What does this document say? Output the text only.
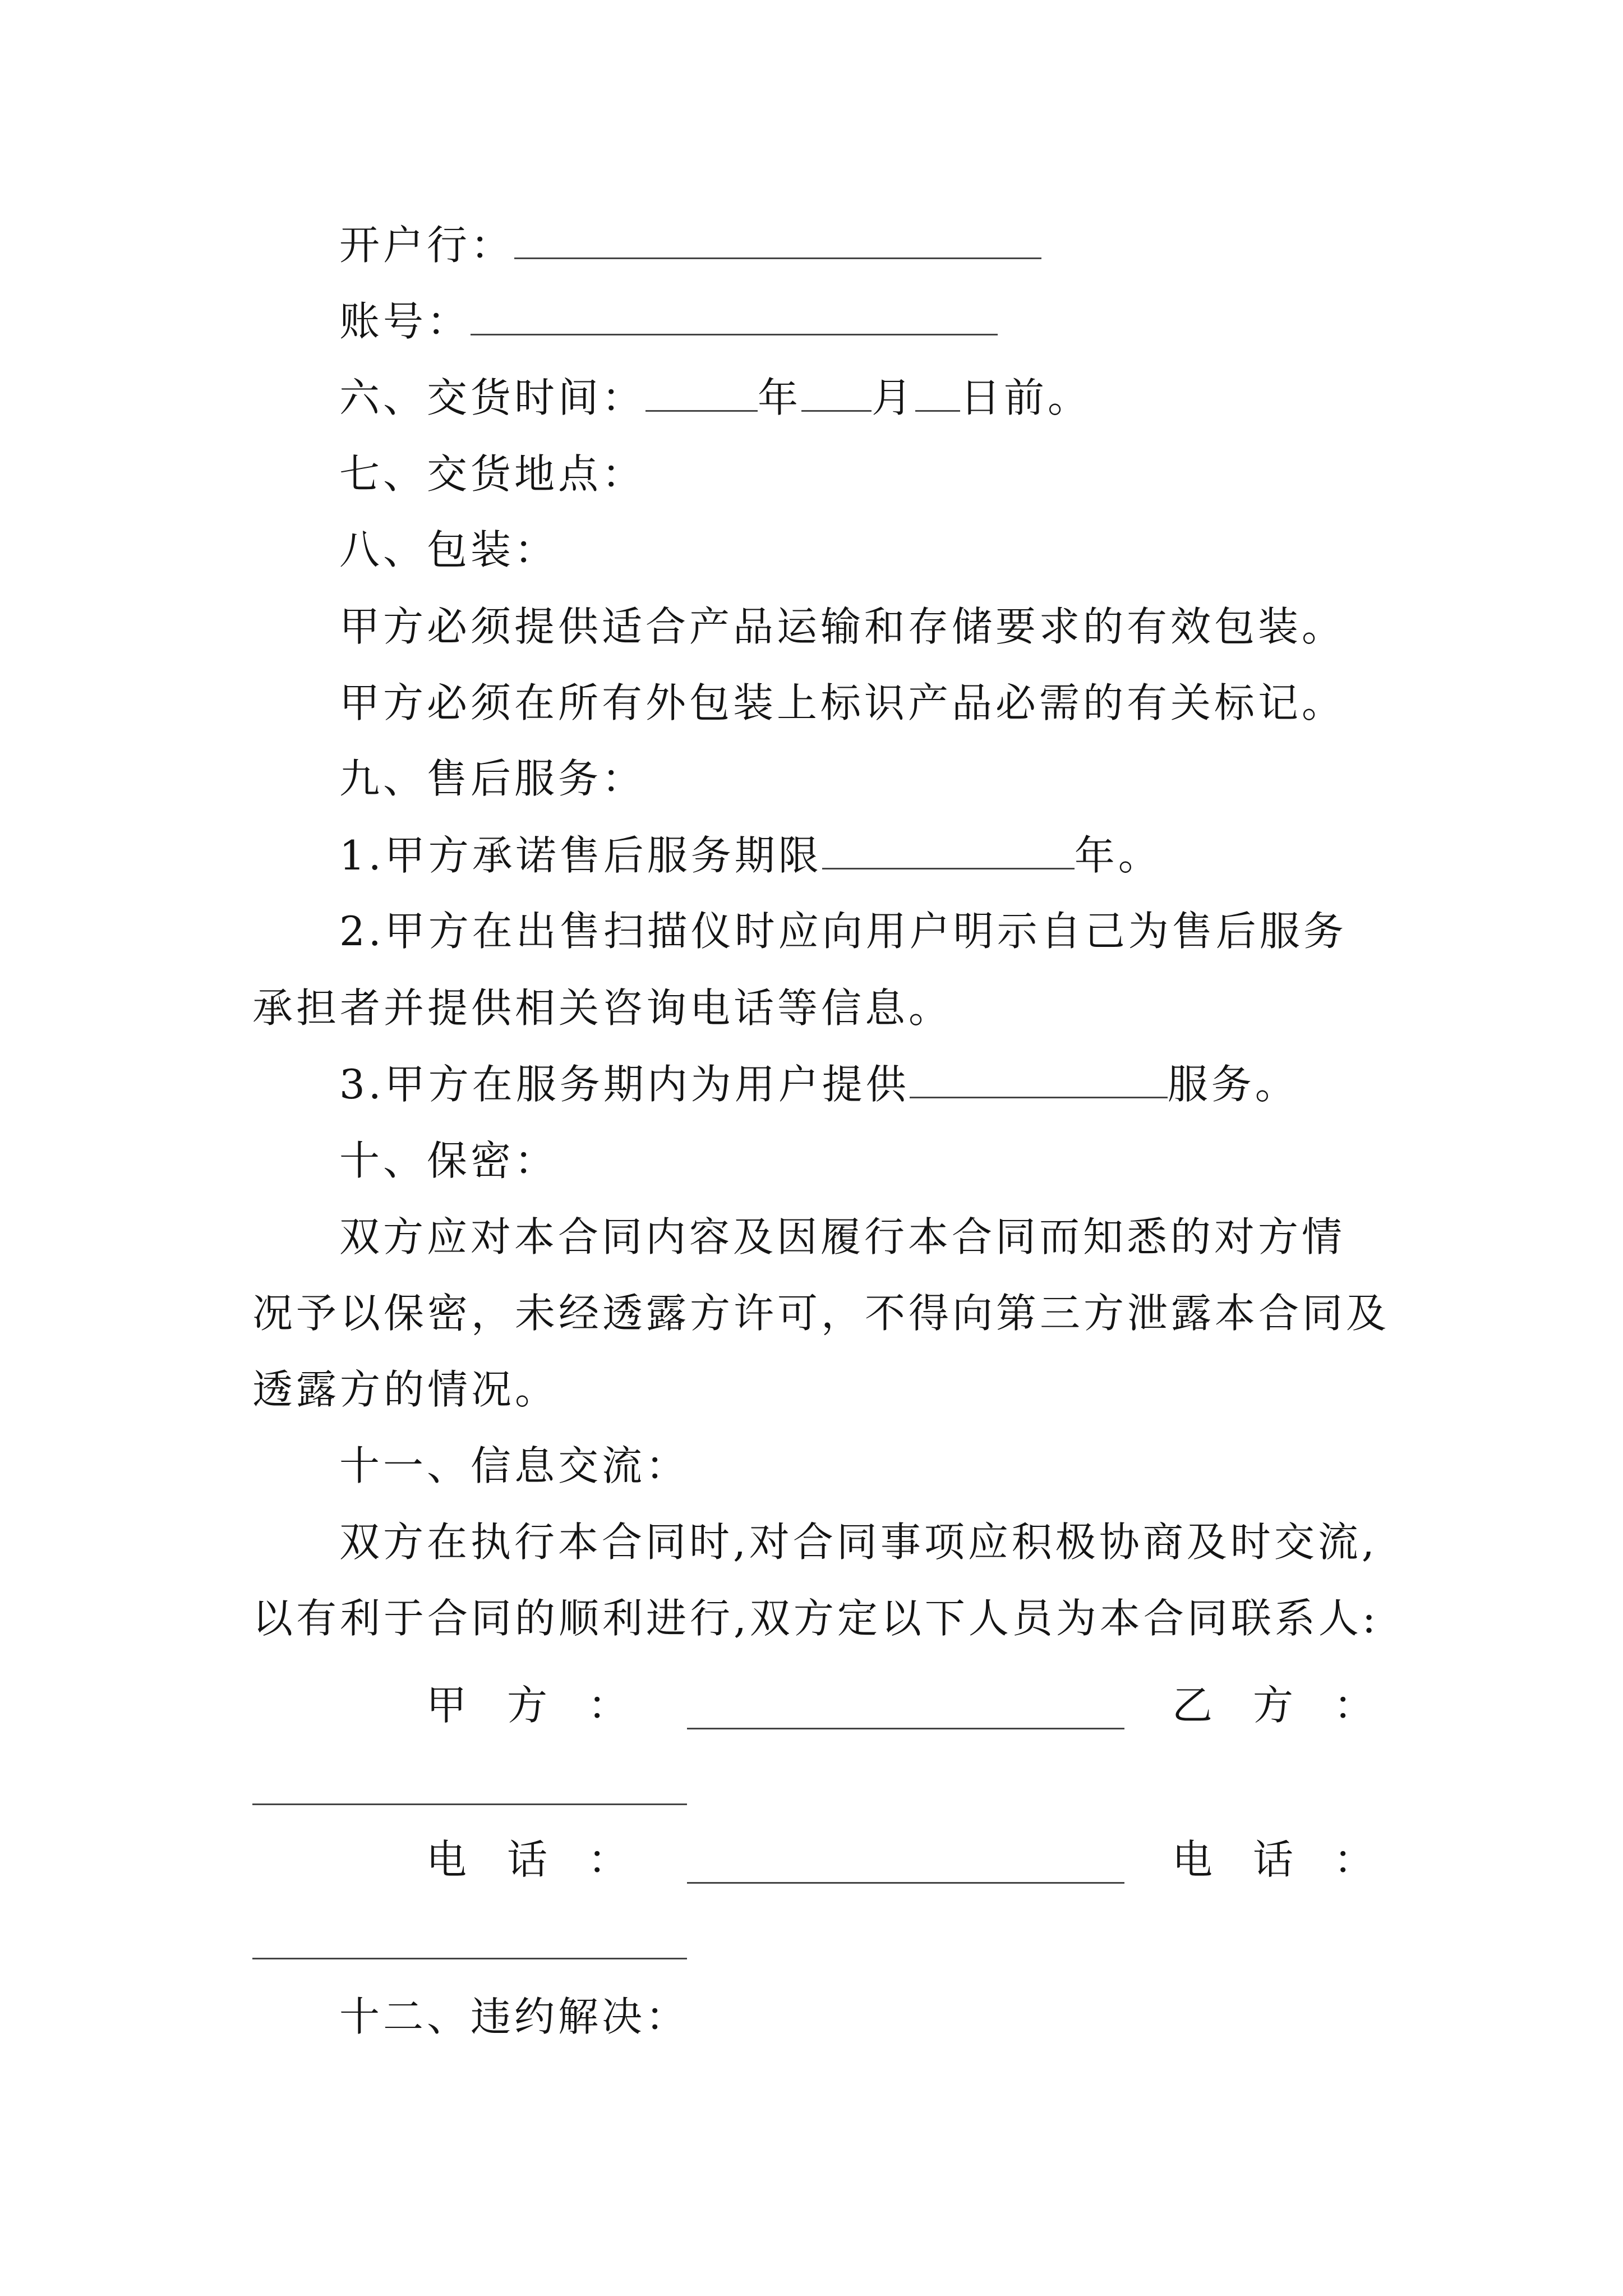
开户行：
账号：
六、交货时间：	年 月 日前。
七、交货地点：
八、包装：
甲方必须提供适合产品运输和存储要求的有效包装。
甲方必须在所有外包装上标识产品必需的有关标记。
九、售后服务：
1.甲方承诺售后服务期限	年。
2.甲方在出售扫描仪时应向用户明示自己为售后服务
承担者并提供相关咨询电话等信息。
3.甲方在服务期内为用户提供	服务。
十、保密：
双方应对本合同内容及因履行本合同而知悉的对方情
况予以保密，未经透露方许可，不得向第三方泄露本合同及
透露方的情况。
十一、信息交流：
双方在执行本合同时,对合同事项应积极协商及时交流,
以有利于合同的顺利进行,双方定以下人员为本合同联系人:
甲　方　：	乙　方　：
电　话　：	电　话　：
十二、违约解决：
